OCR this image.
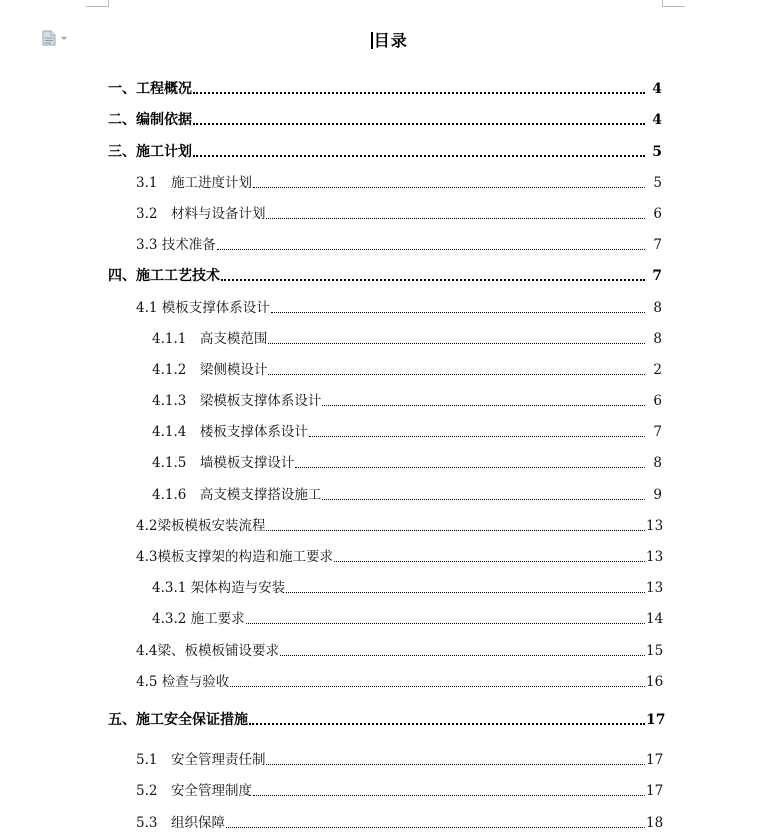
目录
一、工程概况	4
二、编制依据	4
三、施工计划	5
3.1　施工进度计划	5
3.2　材料与设备计划	6
3.3 技术准备	7
四、施工工艺技术	7
4.1 模板支撑体系设计	8
4.1.1　高支模范围	8
4.1.2　梁侧模设计	2
4.1.3　梁模板支撑体系设计	6
4.1.4　楼板支撑体系设计	7
4.1.5　墙模板支撑设计	8
4.1.6　高支模支撑搭设施工	9
4.2梁板模板安装流程	13
4.3模板支撑架的构造和施工要求	13
4.3.1 架体构造与安装	13
4.3.2 施工要求	14
4.4梁、板模板铺设要求	15
4.5 检查与验收	16
五、施工安全保证措施	17
5.1　安全管理责任制	17
5.2　安全管理制度	17
5.3　组织保障	18
